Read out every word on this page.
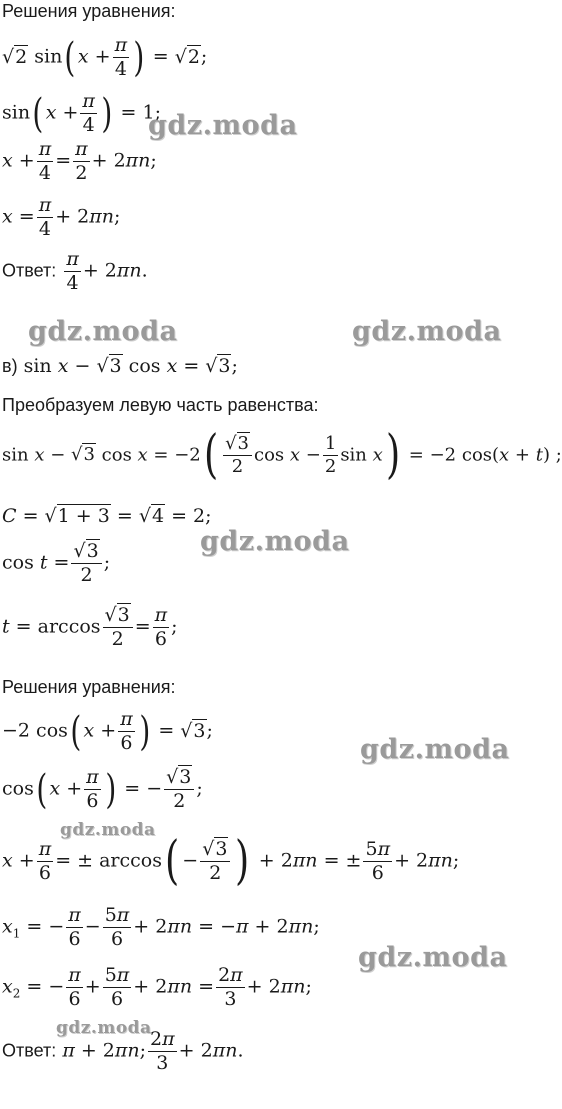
Решения уравнения:
√2 sin( $x + \frac{\pi}{4}$ ) = √2;
sin( $x + \frac{\pi}{4}$ ) = 1;
$x + \frac{\pi}{4} = \frac{\pi}{2} + 2\pi n$;
$x = \frac{\pi}{4} + 2\pi n$;
Ответ: $\frac{\pi}{4} + 2\pi n$.
в) sin x − √3 cos x = √3;
Преобразуем левую часть равенства:
sin x − √3 $\cos x = -2( \frac{√3}{2}$ $\cos x - \frac{1}{2}$ sin x) = −2 cos(x + t) ;
C = √1 + 3 = √4 = 2;
$\cos t = \frac{√3}{2}$ ;
$t = \arccos \frac{√3}{2} = \frac{\pi}{6}$ ;
Решения уравнения:
−2 cos( $x + \frac{\pi}{6}$ ) = √3;
cos( $x + \frac{\pi}{6}$ ) = − $\frac{√3}{2}$ ;
$x + \frac{\pi}{6}$ = ± $\arccos( - \frac{√3}{2}$ ) + 2πn = ± $\frac{5\pi}{6} + 2\pi n$;
$x_1$ = − $\frac{\pi}{6} - \frac{5\pi}{6} + 2\pi n = -\pi + 2\pi n$;
$x_2$ = − $\frac{\pi}{6} + \frac{5\pi}{6} + 2\pi n = \frac{2\pi}{3} + 2\pi n$;
Ответ: π + 2πn; $\frac{2\pi}{3} + 2\pi n$.
gdz.moda
gdz.moda	gdz.moda
gdz.moda
gdz.moda
gdz.moda
gdz.moda
gdz.moda
